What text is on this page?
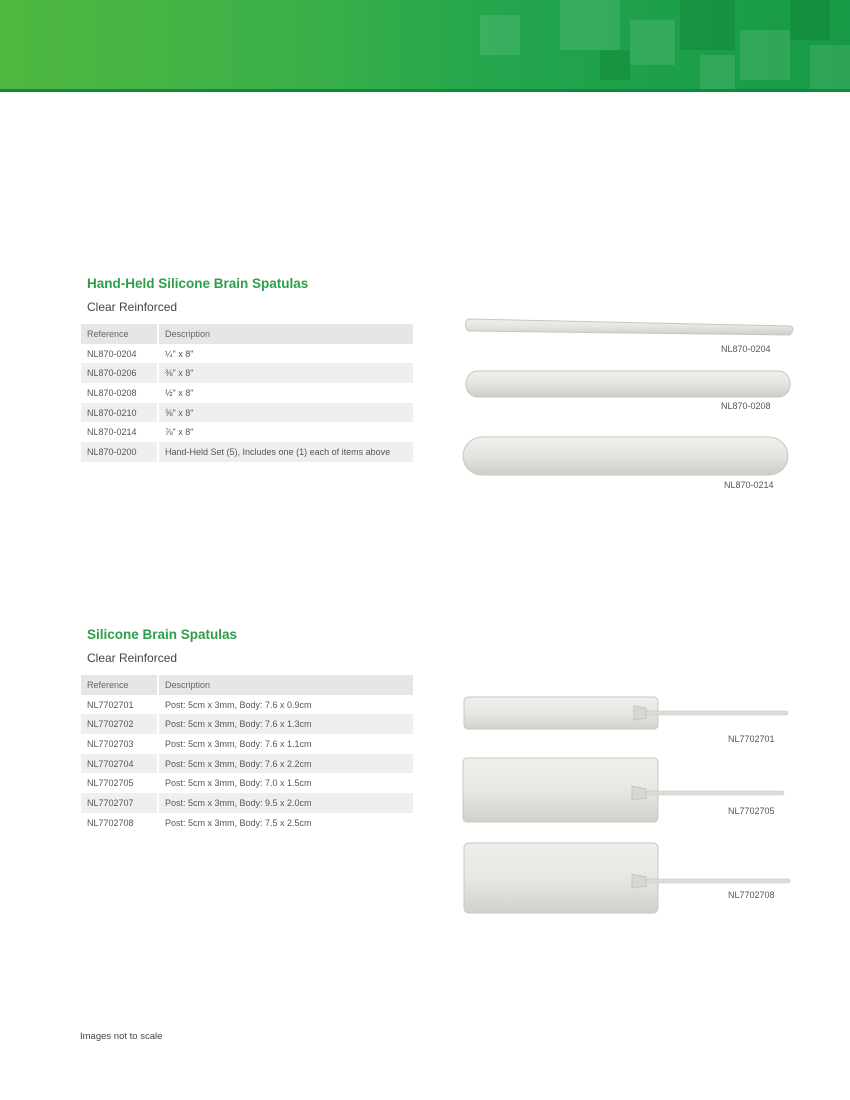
Hand-Held Silicone Brain Spatulas
Clear Reinforced
Reference	Description
NL870-0204	¼" x 8"
NL870-0206	⅜" x 8"
NL870-0208	½" x 8"
NL870-0210	⅝" x 8"
NL870-0214	⅞" x 8"
NL870-0200	Hand-Held Set (5), Includes one (1) each of items above
NL870-0204
NL870-0208
NL870-0214
Silicone Brain Spatulas
Clear Reinforced
Reference	Description
NL7702701	Post: 5cm x 3mm, Body: 7.6 x 0.9cm
NL7702702	Post: 5cm x 3mm, Body: 7.6 x 1.3cm
NL7702703	Post: 5cm x 3mm, Body: 7.6 x 1.1cm
NL7702704	Post: 5cm x 3mm, Body: 7.6 x 2.2cm
NL7702705	Post: 5cm x 3mm, Body: 7.0 x 1.5cm
NL7702707	Post: 5cm x 3mm, Body: 9.5 x 2.0cm
NL7702708	Post: 5cm x 3mm, Body: 7.5 x 2.5cm
NL7702701
NL7702705
NL7702708
Images not to scale
